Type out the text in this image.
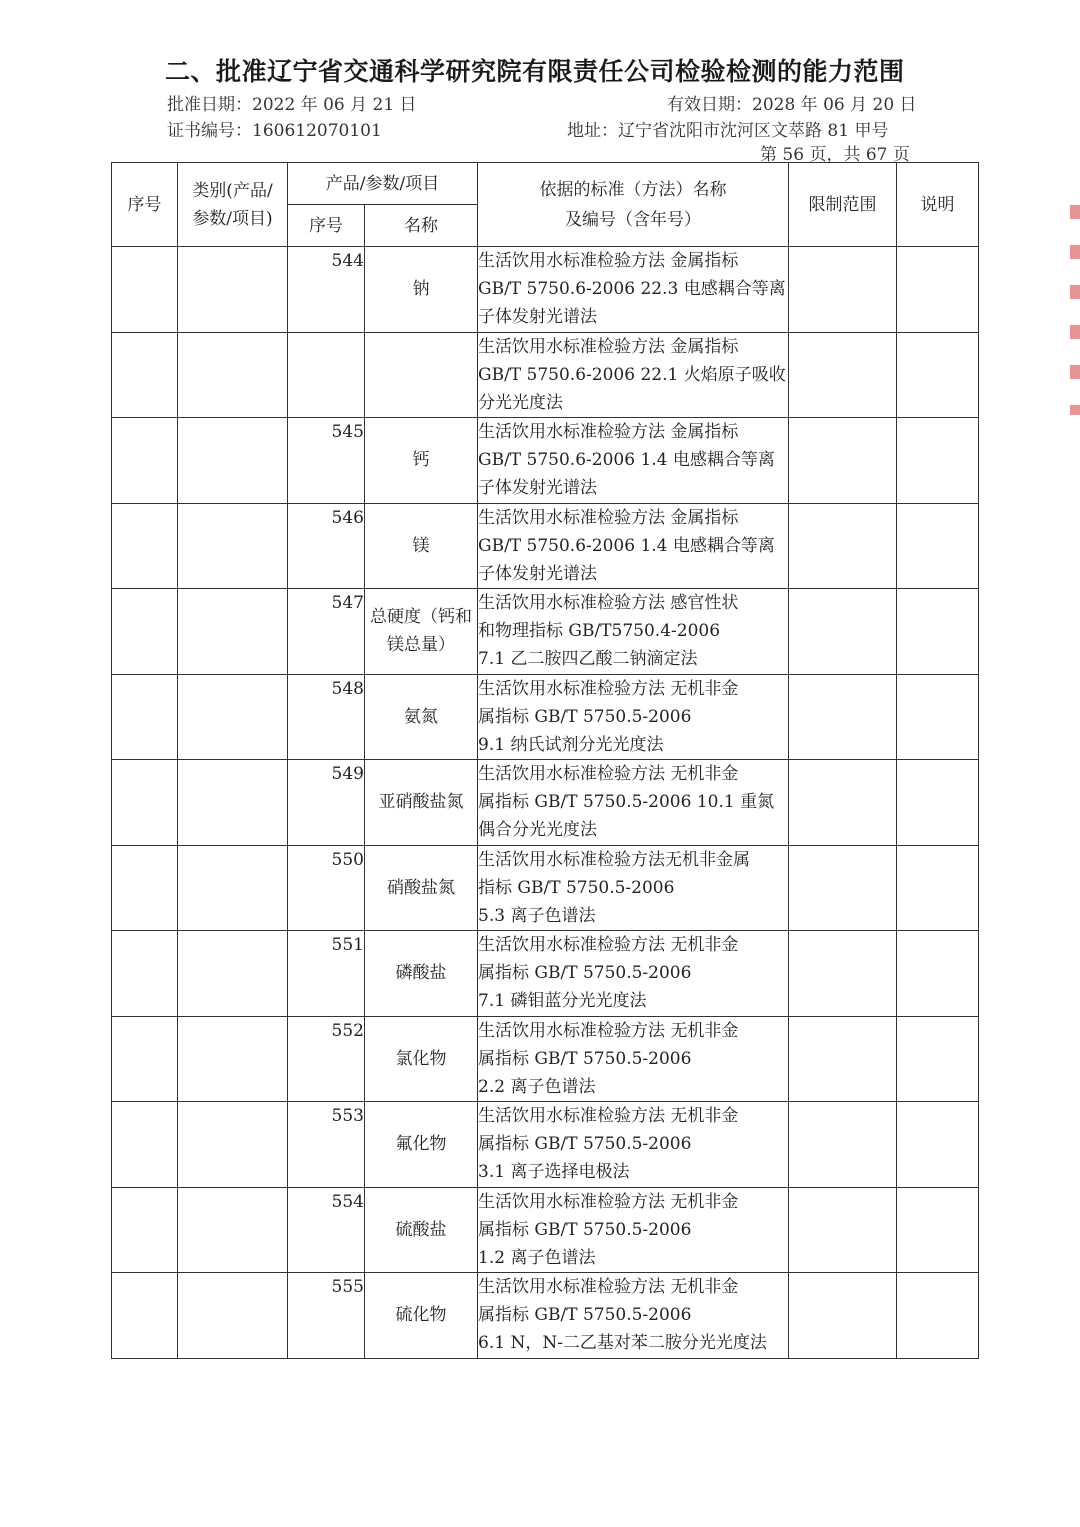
二、批准辽宁省交通科学研究院有限责任公司检验检测的能力范围
批准日期：2022 年 06 月 21 日	有效日期：2028 年 06 月 20 日
证书编号：160612070101	地址：辽宁省沈阳市沈河区文萃路 81 甲号
第 56 页，共 67 页
序号	类别(产品/参数/项目)	产品/参数/项目		依据的标准（方法）名称
及编号（含年号）	限制范围	说明
		序号	名称			
		544	钠	生活饮用水标准检验方法 金属指标
GB/T 5750.6-2006 22.3 电感耦合等离
子体发射光谱法		
				生活饮用水标准检验方法 金属指标
GB/T 5750.6-2006 22.1 火焰原子吸收
分光光度法		
		545	钙	生活饮用水标准检验方法 金属指标
GB/T 5750.6-2006 1.4 电感耦合等离
子体发射光谱法		
		546	镁	生活饮用水标准检验方法 金属指标
GB/T 5750.6-2006 1.4 电感耦合等离
子体发射光谱法		
		547	总硬度（钙和镁总量）	生活饮用水标准检验方法 感官性状
和物理指标 GB/T5750.4-2006
7.1 乙二胺四乙酸二钠滴定法		
		548	氨氮	生活饮用水标准检验方法 无机非金
属指标 GB/T 5750.5-2006
9.1 纳氏试剂分光光度法		
		549	亚硝酸盐氮	生活饮用水标准检验方法 无机非金
属指标 GB/T 5750.5-2006 10.1 重氮
偶合分光光度法		
		550	硝酸盐氮	生活饮用水标准检验方法无机非金属
指标 GB/T 5750.5-2006
5.3 离子色谱法		
		551	磷酸盐	生活饮用水标准检验方法 无机非金
属指标 GB/T 5750.5-2006
7.1 磷钼蓝分光光度法		
		552	氯化物	生活饮用水标准检验方法 无机非金
属指标 GB/T 5750.5-2006
2.2 离子色谱法		
		553	氟化物	生活饮用水标准检验方法 无机非金
属指标 GB/T 5750.5-2006
3.1 离子选择电极法		
		554	硫酸盐	生活饮用水标准检验方法 无机非金
属指标 GB/T 5750.5-2006
1.2 离子色谱法		
		555	硫化物	生活饮用水标准检验方法 无机非金
属指标 GB/T 5750.5-2006
6.1 N，N-二乙基对苯二胺分光光度法		
